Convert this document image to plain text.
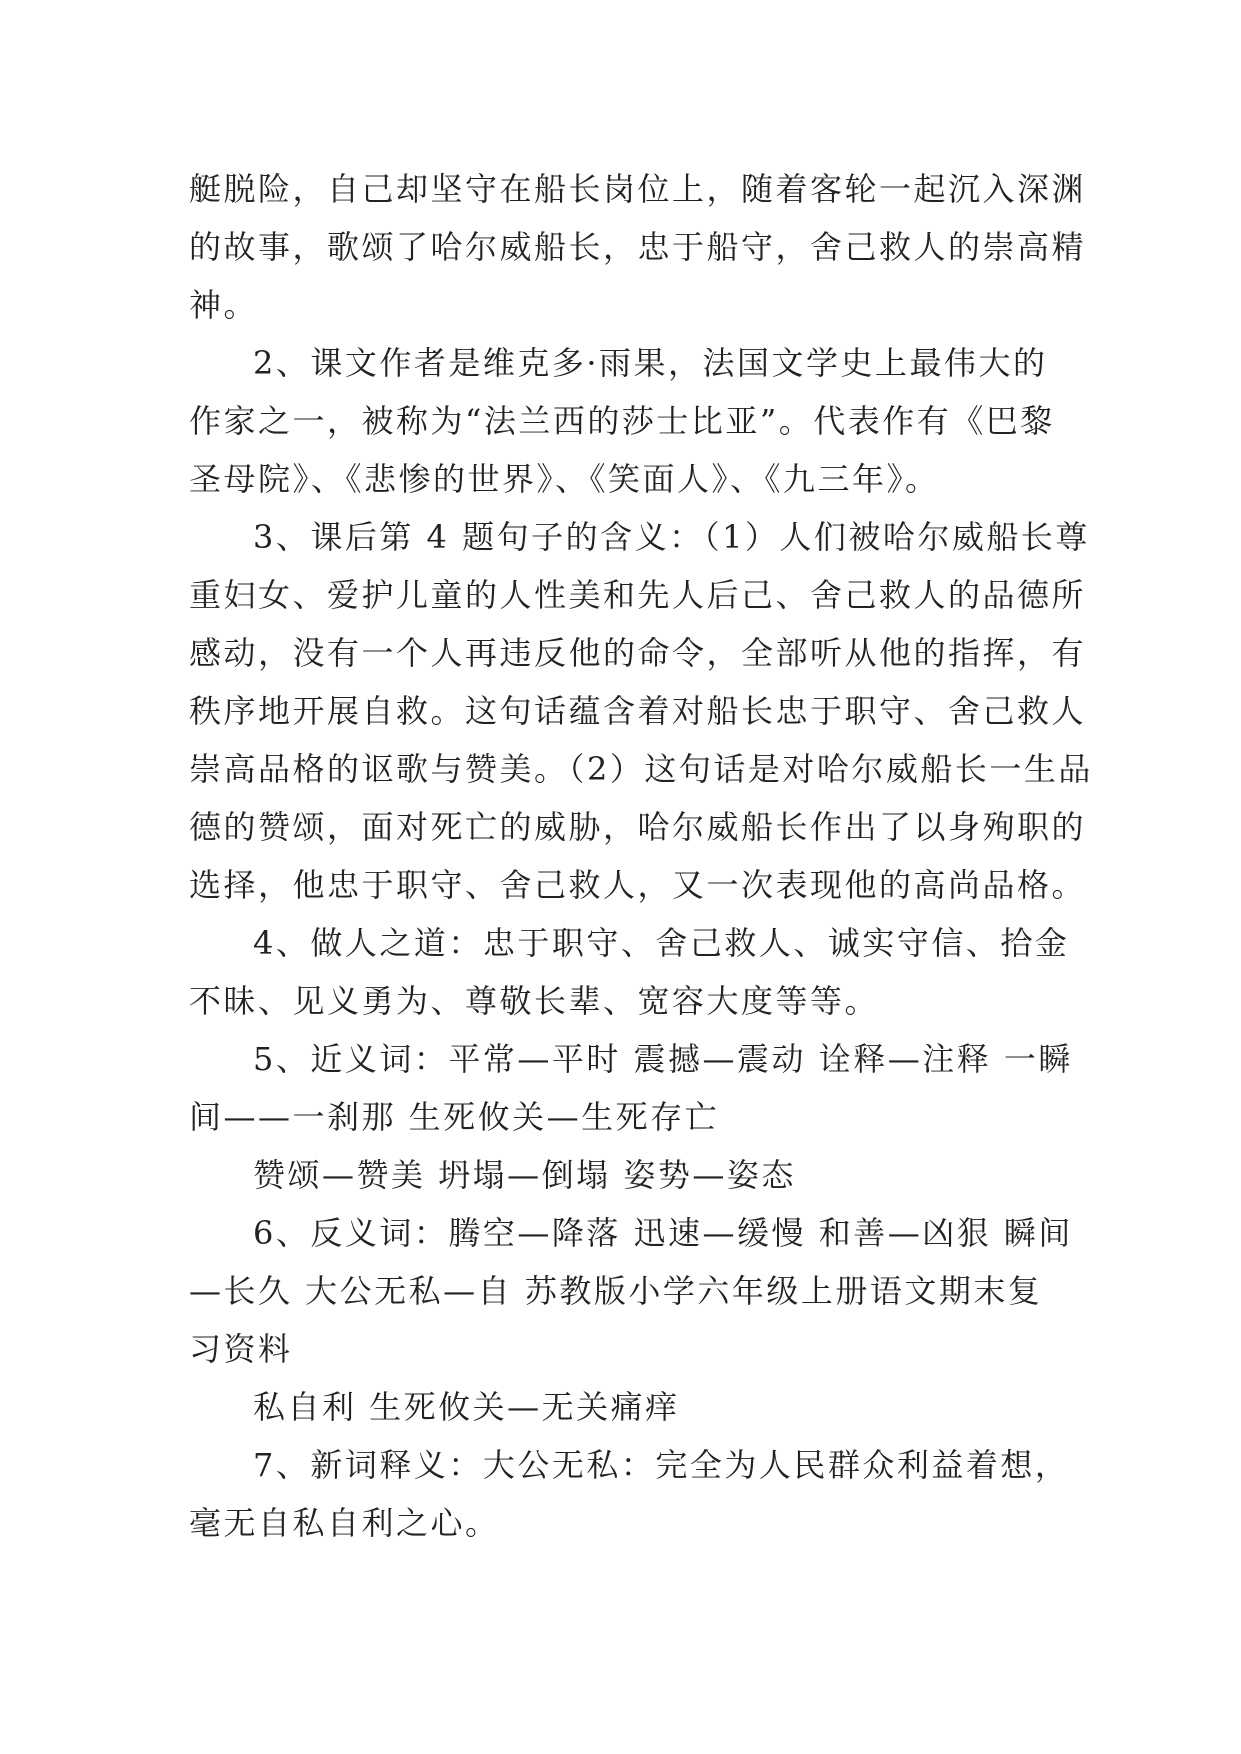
艇脱险，自己却坚守在船长岗位上，随着客轮一起沉入深渊
的故事，歌颂了哈尔威船长，忠于船守，舍己救人的崇高精
神。
2、课文作者是维克多·雨果，法国文学史上最伟大的
作家之一，被称为“法兰西的莎士比亚”。代表作有《巴黎
圣母院》、《悲惨的世界》、《笑面人》、《九三年》。
3、课后第 4 题句子的含义：（1）人们被哈尔威船长尊
重妇女、爱护儿童的人性美和先人后己、舍己救人的品德所
感动，没有一个人再违反他的命令，全部听从他的指挥，有
秩序地开展自救。这句话蕴含着对船长忠于职守、舍己救人
崇高品格的讴歌与赞美。（2）这句话是对哈尔威船长一生品
德的赞颂，面对死亡的威胁，哈尔威船长作出了以身殉职的
选择，他忠于职守、舍己救人，又一次表现他的高尚品格。
4、做人之道：忠于职守、舍己救人、诚实守信、拾金
不昧、见义勇为、尊敬长辈、宽容大度等等。
5、近义词：平常—平时 震撼—震动 诠释—注释 一瞬
间——一刹那 生死攸关—生死存亡
赞颂—赞美 坍塌—倒塌 姿势—姿态
6、反义词：腾空—降落 迅速—缓慢 和善—凶狠 瞬间
—长久 大公无私—自 苏教版小学六年级上册语文期末复
习资料
私自利 生死攸关—无关痛痒
7、新词释义：大公无私：完全为人民群众利益着想，
毫无自私自利之心。
